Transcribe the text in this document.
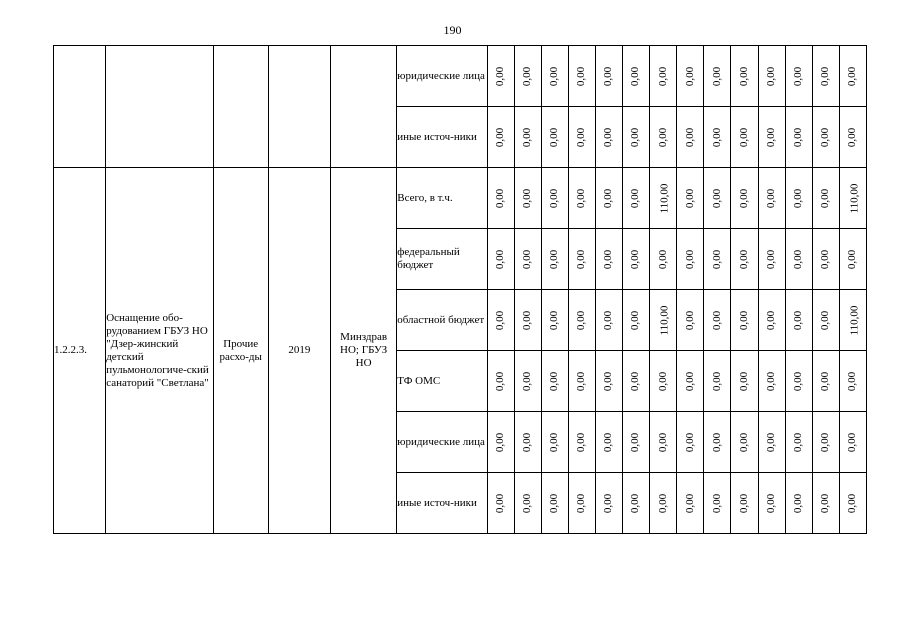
190
					юридические лица	0,00	0,00	0,00	0,00	0,00	0,00	0,00	0,00	0,00	0,00	0,00	0,00	0,00	0,00
					иные источ-ники	0,00	0,00	0,00	0,00	0,00	0,00	0,00	0,00	0,00	0,00	0,00	0,00	0,00	0,00
1.2.2.3.	Оснащение обо-рудованием ГБУЗ НО "Дзер-жинский детский пульмонологиче-ский санаторий "Светлана"	Прочие расхо-ды	2019	Минздрав НО; ГБУЗ НО	Всего, в т.ч.	0,00	0,00	0,00	0,00	0,00	0,00	110,00	0,00	0,00	0,00	0,00	0,00	0,00	110,00
					федеральный бюджет	0,00	0,00	0,00	0,00	0,00	0,00	0,00	0,00	0,00	0,00	0,00	0,00	0,00	0,00
					областной бюджет	0,00	0,00	0,00	0,00	0,00	0,00	110,00	0,00	0,00	0,00	0,00	0,00	0,00	110,00
					ТФ ОМС	0,00	0,00	0,00	0,00	0,00	0,00	0,00	0,00	0,00	0,00	0,00	0,00	0,00	0,00
					юридические лица	0,00	0,00	0,00	0,00	0,00	0,00	0,00	0,00	0,00	0,00	0,00	0,00	0,00	0,00
					иные источ-ники	0,00	0,00	0,00	0,00	0,00	0,00	0,00	0,00	0,00	0,00	0,00	0,00	0,00	0,00
